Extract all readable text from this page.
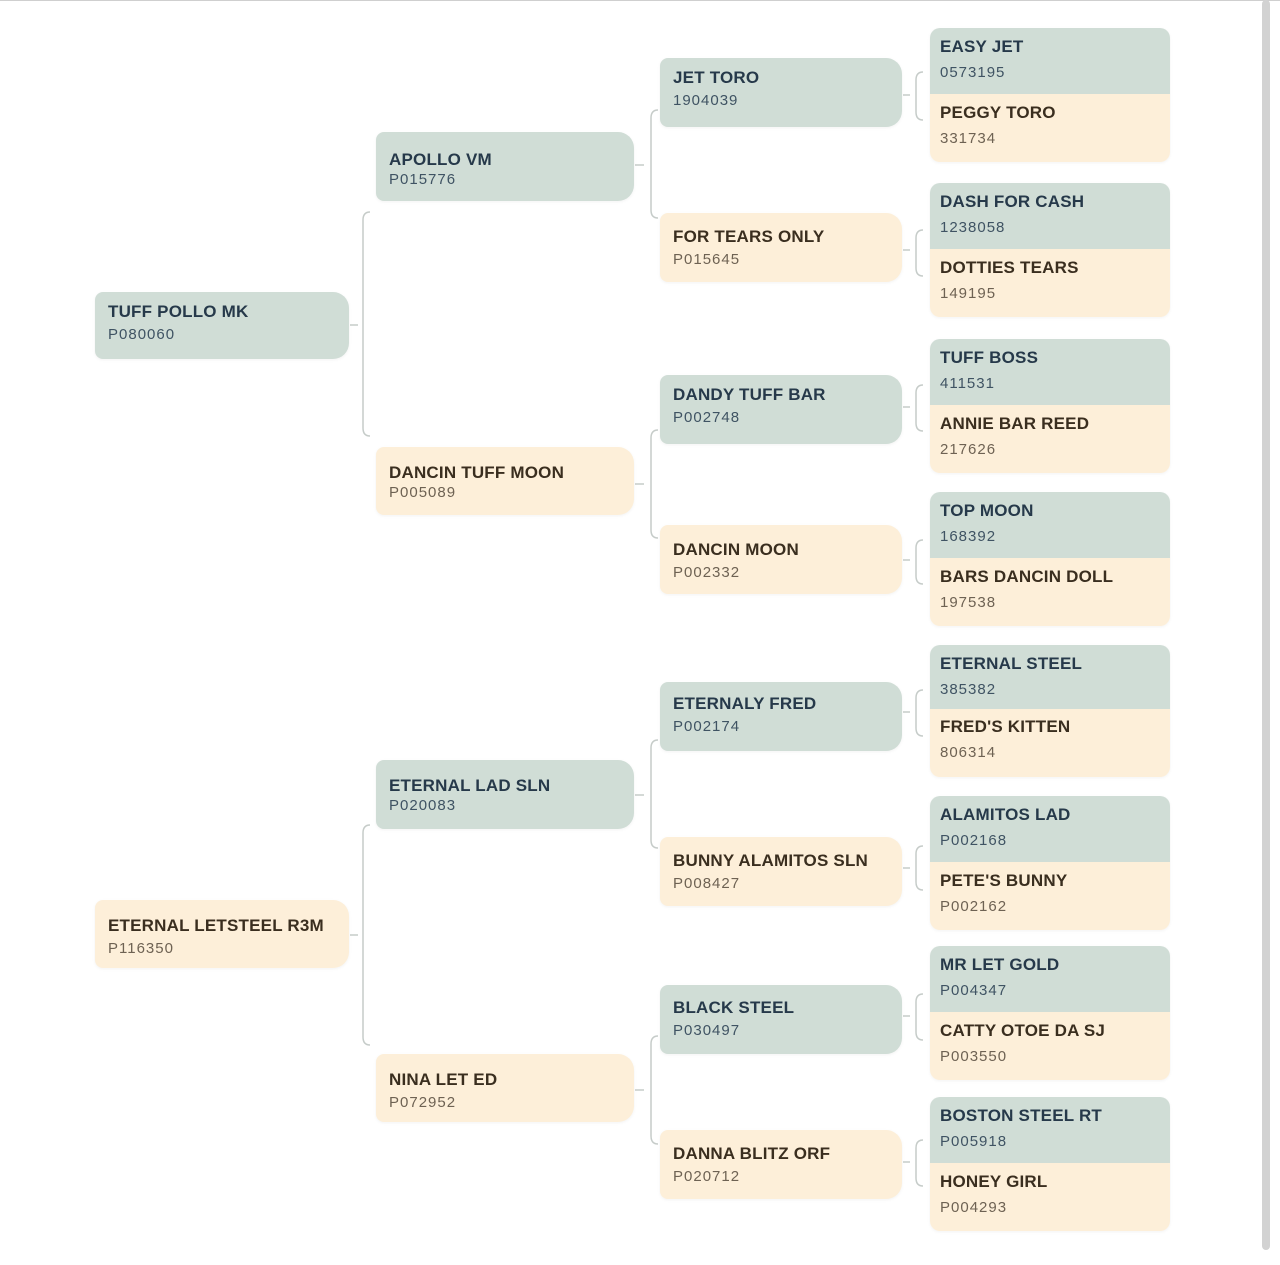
TUFF POLLO MK
P080060
APOLLO VM
P015776
DANCIN TUFF MOON
P005089
JET TORO
1904039
FOR TEARS ONLY
P015645
DANDY TUFF BAR
P002748
DANCIN MOON
P002332
EASY JET
0573195
PEGGY TORO
331734
DASH FOR CASH
1238058
DOTTIES TEARS
149195
TUFF BOSS
411531
ANNIE BAR REED
217626
TOP MOON
168392
BARS DANCIN DOLL
197538
ETERNAL LETSTEEL R3M
P116350
ETERNAL LAD SLN
P020083
NINA LET ED
P072952
ETERNALY FRED
P002174
BUNNY ALAMITOS SLN
P008427
BLACK STEEL
P030497
DANNA BLITZ ORF
P020712
ETERNAL STEEL
385382
FRED'S KITTEN
806314
ALAMITOS LAD
P002168
PETE'S BUNNY
P002162
MR LET GOLD
P004347
CATTY OTOE DA SJ
P003550
BOSTON STEEL RT
P005918
HONEY GIRL
P004293
